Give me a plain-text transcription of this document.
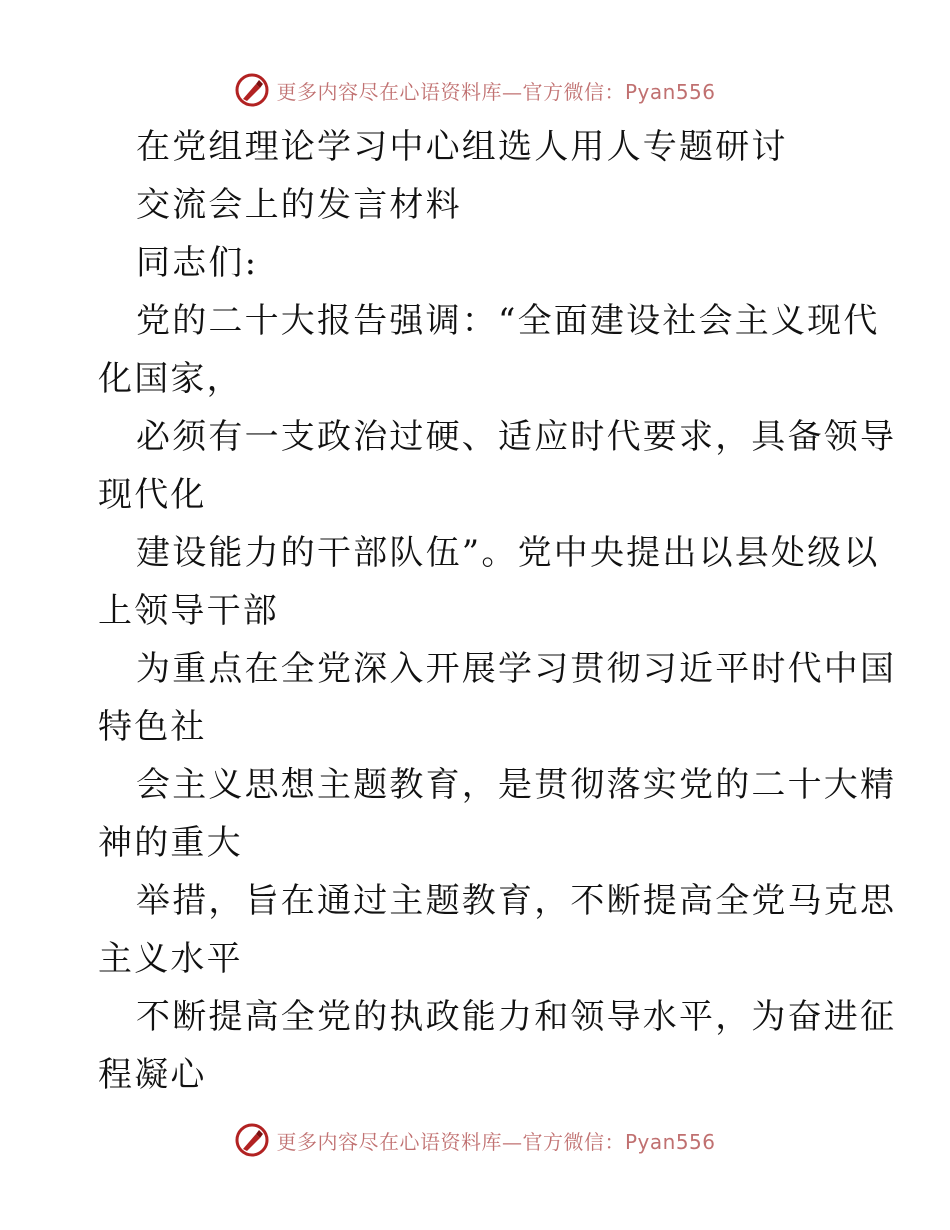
更多内容尽在心语资料库—官方微信：Pyan556
在党组理论学习中心组选人用人专题研讨
交流会上的发言材料
同志们:
党的二十大报告强调：“全面建设社会主义现代
化国家，
必须有一支政治过硬、适应时代要求，具备领导
现代化
建设能力的干部队伍”。党中央提出以县处级以
上领导干部
为重点在全党深入开展学习贯彻习近平时代中国
特色社
会主义思想主题教育，是贯彻落实党的二十大精
神的重大
举措，旨在通过主题教育，不断提高全党马克思
主义水平
不断提高全党的执政能力和领导水平，为奋进征
程凝心
更多内容尽在心语资料库—官方微信：Pyan556
